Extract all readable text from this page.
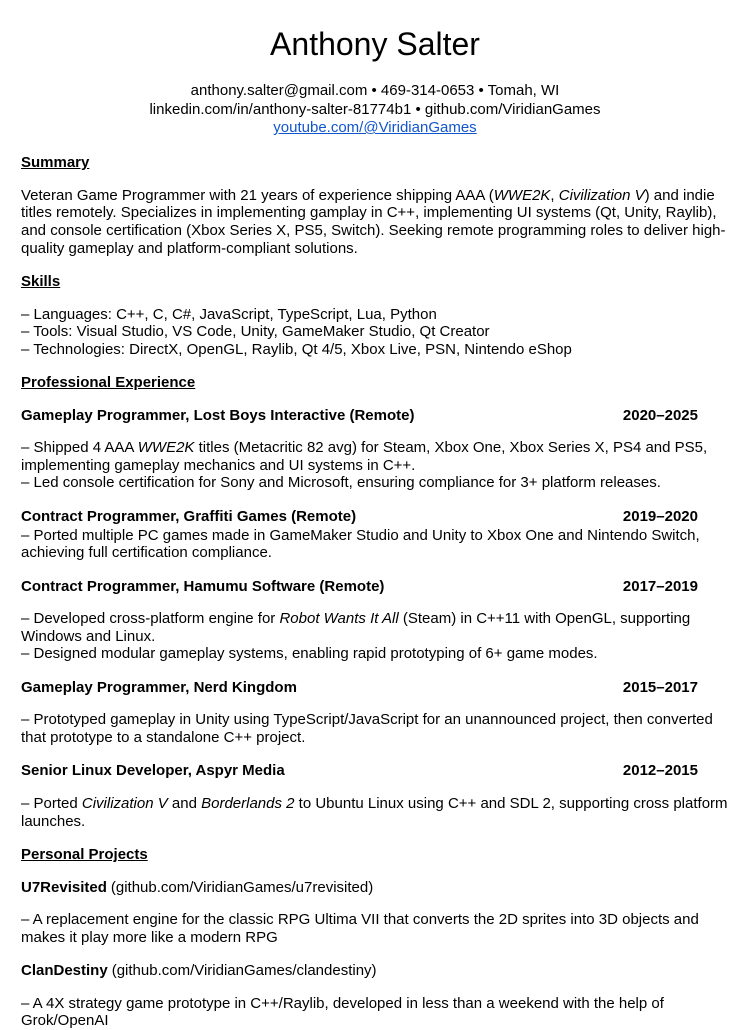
Anthony Salter
anthony.salter@gmail.com • 469-314-0653 • Tomah, WI
linkedin.com/in/anthony-salter-81774b1 • github.com/ViridianGames
youtube.com/@ViridianGames
Summary

Veteran Game Programmer with 21 years of experience shipping AAA (WWE2K, Civilization V) and indie titles remotely. Specializes in implementing gamplay in C++, implementing UI systems (Qt, Unity, Raylib), and console certification (Xbox Series X, PS5, Switch). Seeking remote programming roles to deliver high-quality gameplay and platform-compliant solutions.

Skills
– Languages: C++, C, C#, JavaScript, TypeScript, Lua, Python
– Tools: Visual Studio, VS Code, Unity, GameMaker Studio, Qt Creator
– Technologies: DirectX, OpenGL, Raylib, Qt 4/5, Xbox Live, PSN, Nintendo eShop
Professional Experience
Gameplay Programmer, Lost Boys Interactive (Remote)	2020–2025

– Shipped 4 AAA WWE2K titles (Metacritic 82 avg) for Steam, Xbox One, Xbox Series X, PS4 and PS5, implementing gameplay mechanics and UI systems in C++.

– Led console certification for Sony and Microsoft, ensuring compliance for 3+ platform releases.

Contract Programmer, Graffiti Games (Remote)	2019–2020

– Ported multiple PC games made in GameMaker Studio and Unity to Xbox One and Nintendo Switch, achieving full certification compliance.

Contract Programmer, Hamumu Software (Remote)	2017–2019

– Developed cross-platform engine for Robot Wants It All (Steam) in C++11 with OpenGL, supporting Windows and Linux.

– Designed modular gameplay systems, enabling rapid prototyping of 6+ game modes.

Gameplay Programmer, Nerd Kingdom	2015–2017

– Prototyped gameplay in Unity using TypeScript/JavaScript for an unannounced project, then converted that prototype to a standalone C++ project.

Senior Linux Developer, Aspyr Media	2012–2015

– Ported Civilization V and Borderlands 2 to Ubuntu Linux using C++ and SDL 2, supporting cross platform launches.

Personal Projects

U7Revisited (github.com/ViridianGames/u7revisited)

– A replacement engine for the classic RPG Ultima VII that converts the 2D sprites into 3D objects and makes it play more like a modern RPG

ClanDestiny (github.com/ViridianGames/clandestiny)

– A 4X strategy game prototype in C++/Raylib, developed in less than a weekend with the help of Grok/OpenAI
